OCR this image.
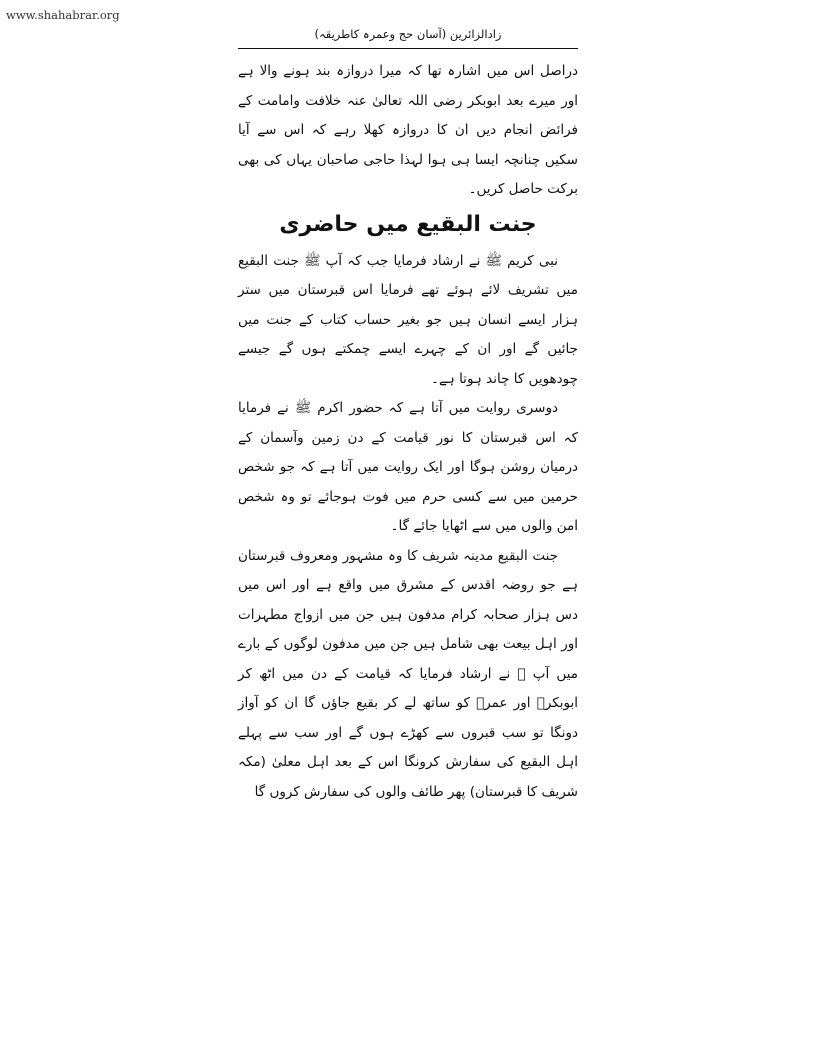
www.shahabrar.org
زادالزائرین (آسان حج وعمرہ کاطریقہ)

دراصل اس میں اشارہ تھا کہ میرا دروازہ بند ہونے والا ہے اور میرے بعد ابوبکر رضی اللہ تعالیٰ عنہ خلافت وامامت کے فرائض انجام دیں ان کا دروازہ کھلا رہے کہ اس سے آیا سکیں چنانچہ ایسا ہی ہوا لہذا حاجی صاحبان یہاں کی بھی برکت حاصل کریں۔

جنت البقیع میں حاضری

نبی کریم ﷺ نے ارشاد فرمایا جب کہ آپ ﷺ جنت البقیع میں تشریف لائے ہوئے تھے فرمایا اس قبرستان میں ستر ہزار ایسے انسان ہیں جو بغیر حساب کتاب کے جنت میں جائیں گے اور ان کے چہرے ایسے چمکتے ہوں گے جیسے چودھویں کا چاند ہوتا ہے۔

دوسری روایت میں آتا ہے کہ حضور اکرم ﷺ نے فرمایا کہ اس قبرستان کا نور قیامت کے دن زمین وآسمان کے درمیان روشن ہوگا اور ایک روایت میں آتا ہے کہ جو شخص حرمین میں سے کسی حرم میں فوت ہوجائے تو وہ شخص امن والوں میں سے اٹھایا جائے گا۔

جنت البقیع مدینہ شریف کا وہ مشہور ومعروف قبرستان ہے جو روضہ اقدس کے مشرق میں واقع ہے اور اس میں دس ہزار صحابہ کرام مدفون ہیں جن میں ازواج مطہرات اور اہل بیعت بھی شامل ہیں جن میں مدفون لوگوں کے بارے میں آپ ﷺ نے ارشاد فرمایا کہ قیامت کے دن میں اٹھ کر ابوبکرؓ اور عمرؓ کو ساتھ لے کر بقیع جاؤں گا ان کو آواز دونگا تو سب قبروں سے کھڑے ہوں گے اور سب سے پہلے اہل البقیع کی سفارش کرونگا اس کے بعد اہل معلیٰ (مکہ شریف کا قبرستان) پھر طائف والوں کی سفارش کروں گا
